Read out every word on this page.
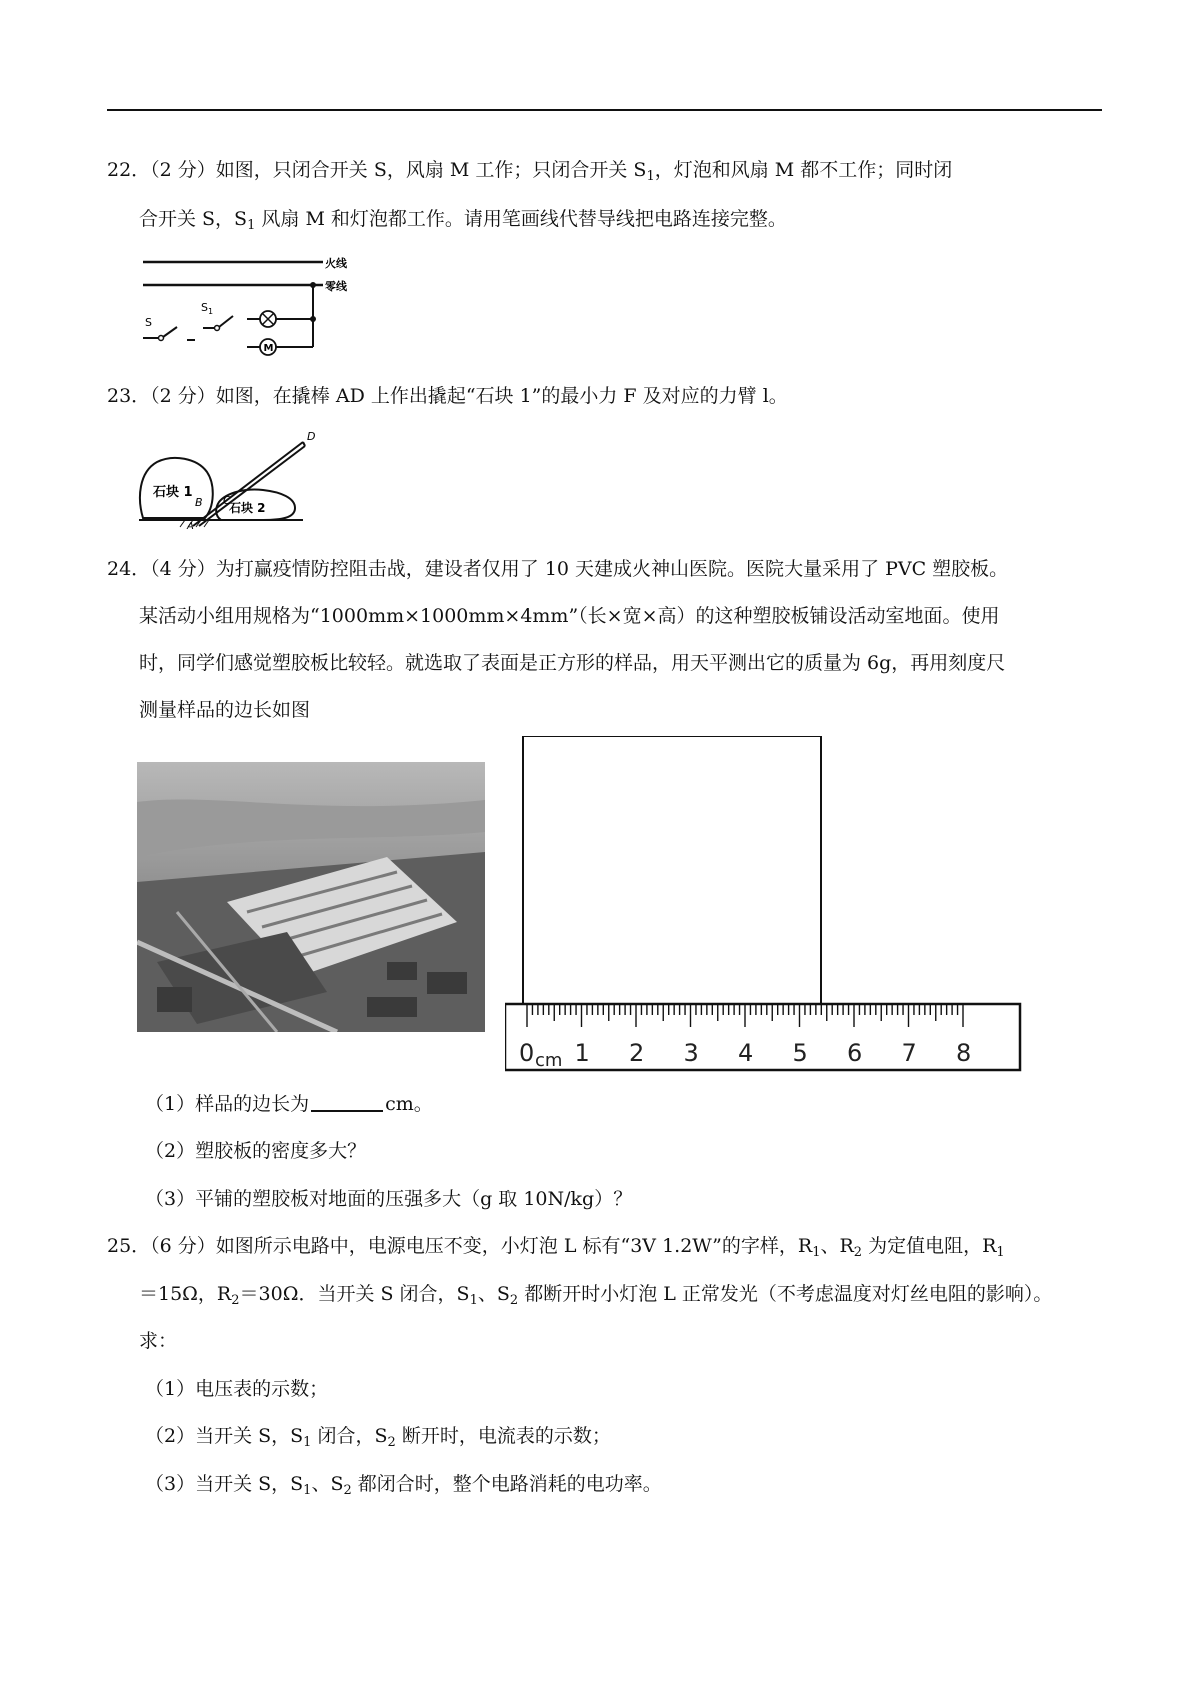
22．（2 分）如图，只闭合开关 S，风扇 M 工作；只闭合开关 $S_1$，灯泡和风扇 M 都不工作；同时闭
合开关 S，$S_1$ 风扇 M 和灯泡都工作。请用笔画线代替导线把电路连接完整。
火线
零线
S
$S_1$
M
23．（2 分）如图，在撬棒 AD 上作出撬起“石块 1”的最小力 F 及对应的力臂 l。
石块 1
石块 2
D
B C
A
24．（4 分）为打赢疫情防控阻击战，建设者仅用了 10 天建成火神山医院。医院大量采用了 PVC 塑胶板。
某活动小组用规格为“1000mm×1000mm×4mm”（长×宽×高）的这种塑胶板铺设活动室地面。使用
时，同学们感觉塑胶板比较轻。就选取了表面是正方形的样品，用天平测出它的质量为 6g，再用刻度尺
测量样品的边长如图
0 cm 1 2 3 4 5 6 7 8
（1）样品的边长为	cm。
（2）塑胶板的密度多大？
（3）平铺的塑胶板对地面的压强多大（g 取 10N/kg）？
25．（6 分）如图所示电路中，电源电压不变，小灯泡 L 标有“3V 1.2W”的字样，$R_1$、$R_2$ 为定值电阻，$R_1$
＝15Ω，$R_2=30\Omega$．当开关 S 闭合，$S_1$、$S_2$ 都断开时小灯泡 L 正常发光（不考虑温度对灯丝电阻的影响）。
求：
（1）电压表的示数；
（2）当开关 S，$S_1$ 闭合，$S_2$ 断开时，电流表的示数；
（3）当开关 S，$S_1$、$S_2$ 都闭合时，整个电路消耗的电功率。
